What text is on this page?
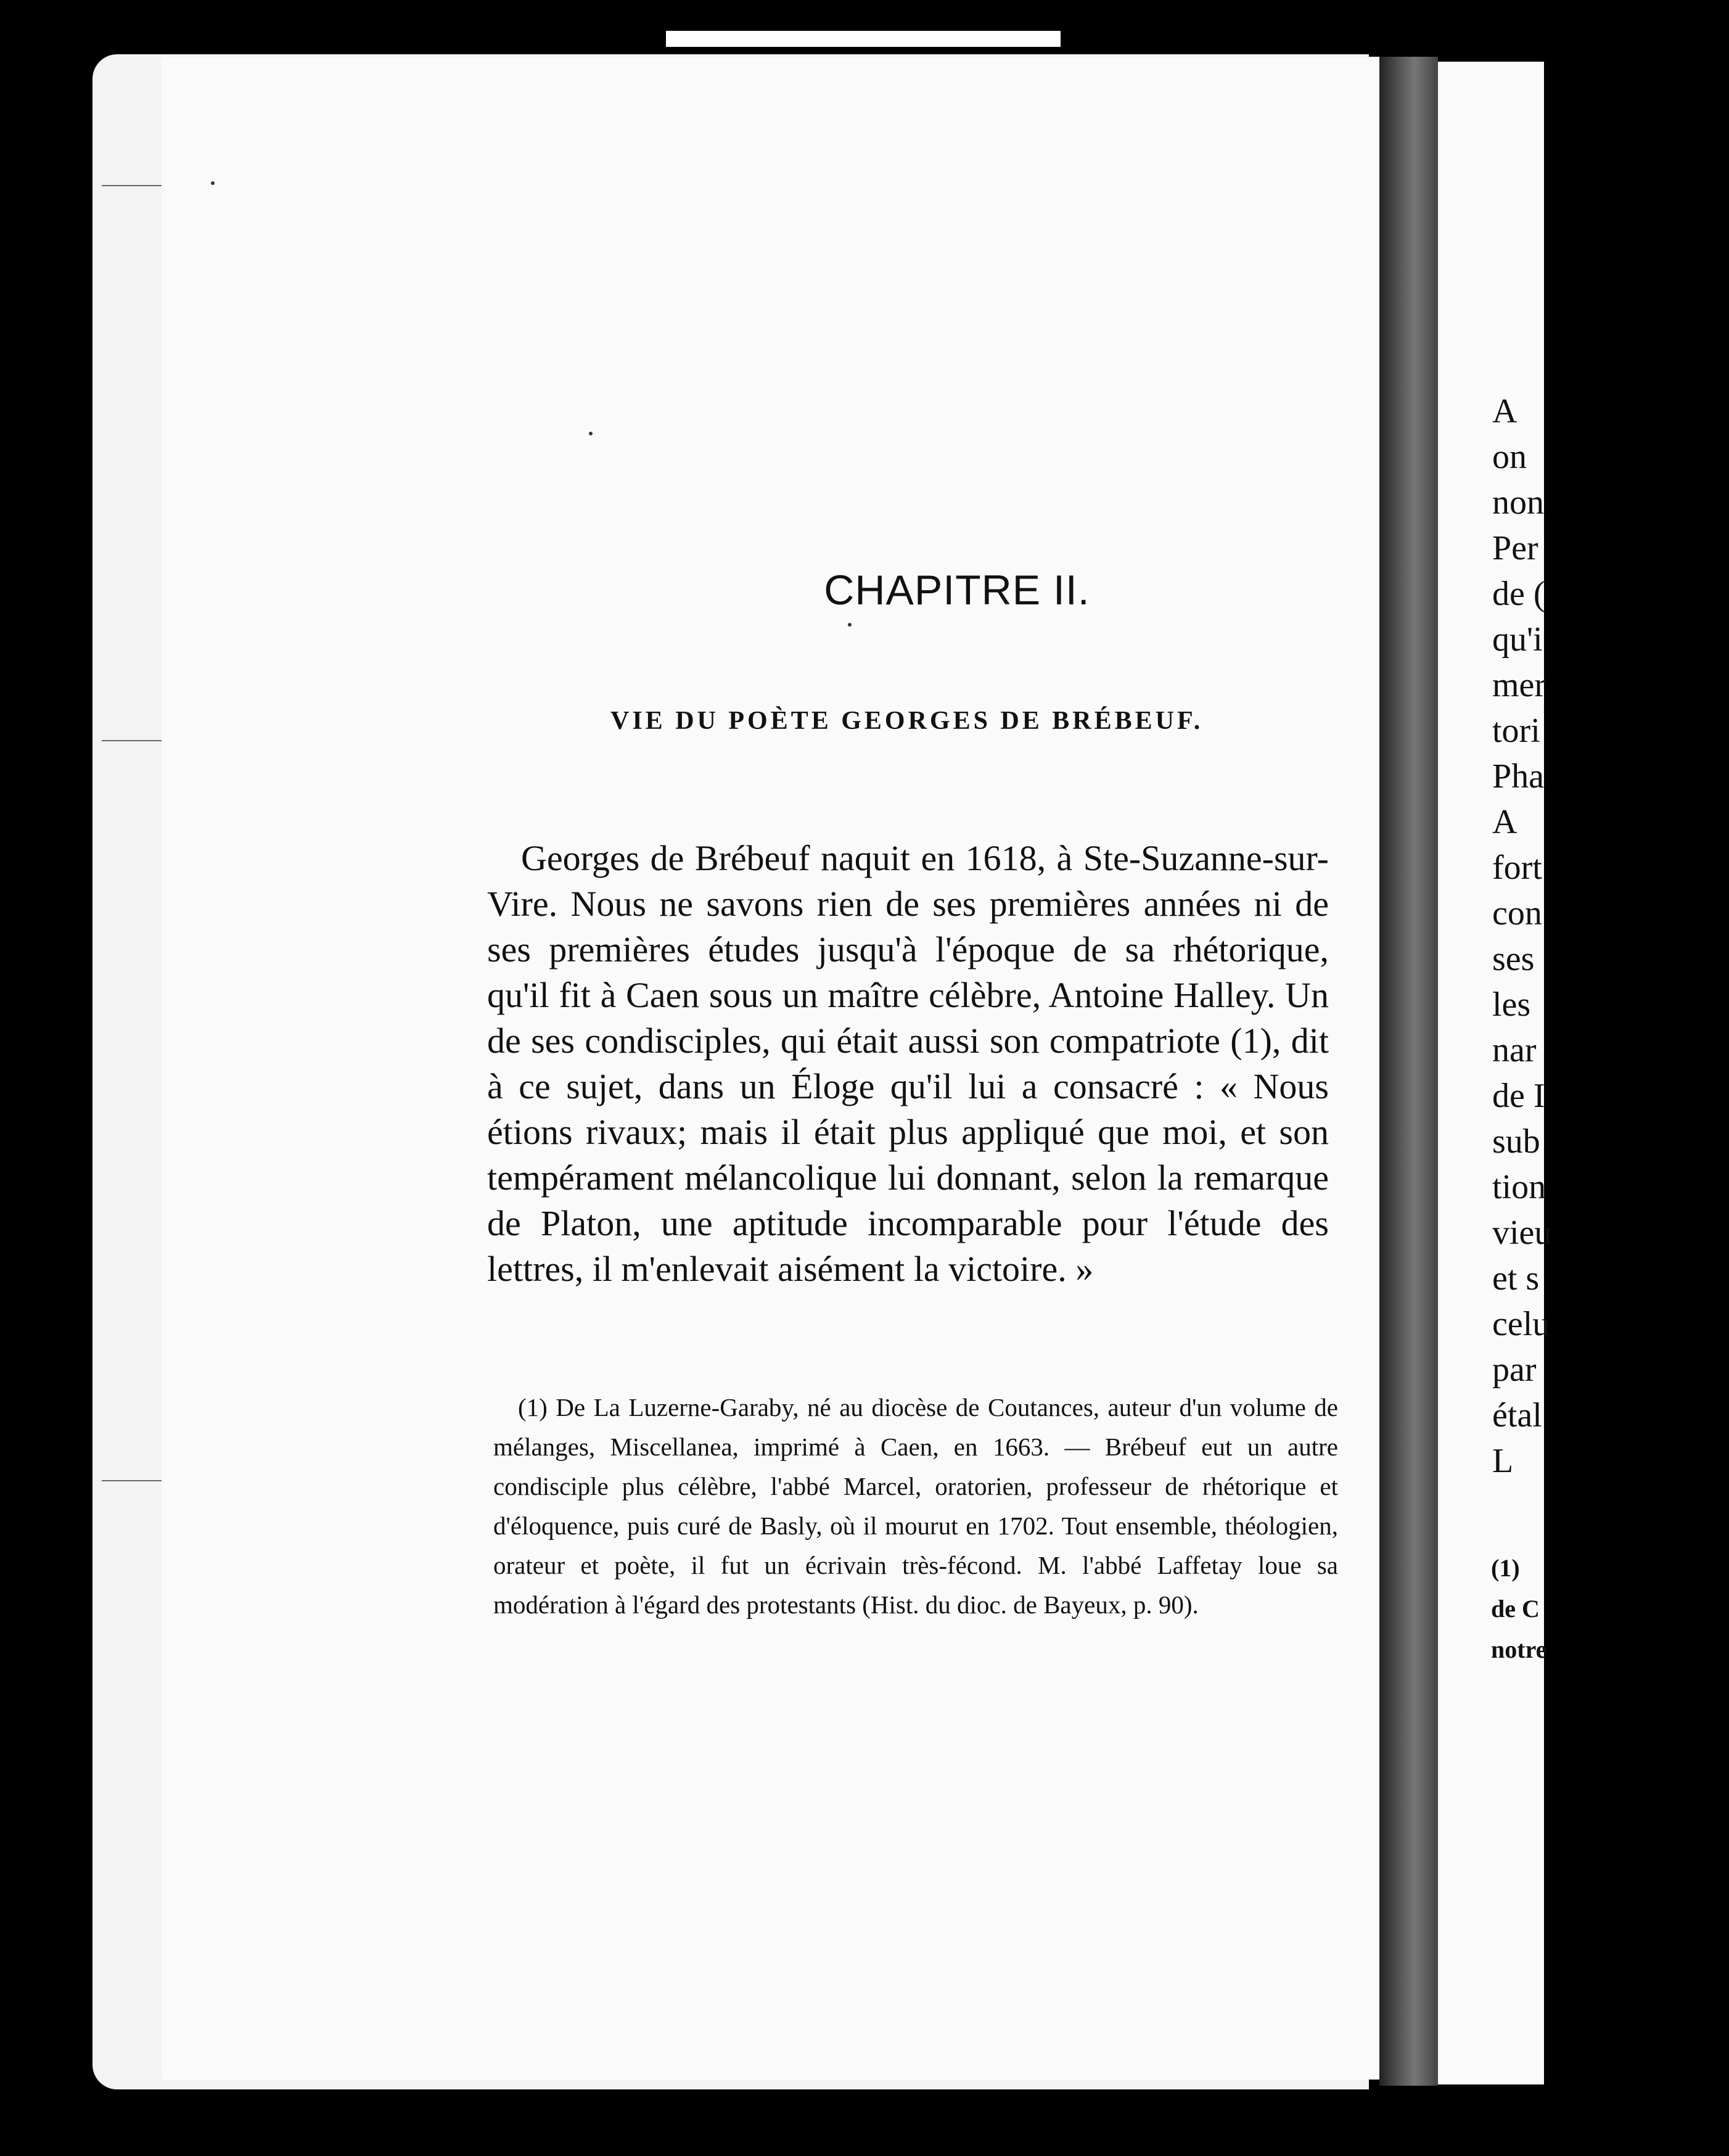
CHAPITRE II.
VIE DU POÈTE GEORGES DE BRÉBEUF.

Georges de Brébeuf naquit en 1618, à Ste-Suzanne-sur-Vire. Nous ne savons rien de ses premières années ni de ses premières études jusqu'à l'époque de sa rhétorique, qu'il fit à Caen sous un maître célèbre, Antoine Halley. Un de ses condisciples, qui était aussi son compatriote (1), dit à ce sujet, dans un Éloge qu'il lui a consacré : « Nous étions rivaux; mais il était plus appliqué que moi, et son tempérament mélancolique lui donnant, selon la remarque de Platon, une aptitude incomparable pour l'étude des lettres, il m'enlevait aisément la victoire. »

(1) De La Luzerne-Garaby, né au diocèse de Coutances, auteur d'un volume de mélanges, Miscellanea, imprimé à Caen, en 1663. — Brébeuf eut un autre condisciple plus célèbre, l'abbé Marcel, oratorien, professeur de rhétorique et d'éloquence, puis curé de Basly, où il mourut en 1702. Tout ensemble, théologien, orateur et poète, il fut un écrivain très-fécond. M. l'abbé Laffetay loue sa modération à l'égard des protestants (Hist. du dioc. de Bayeux, p. 90).

A
on
non
Per
de (
qu'i
mer
tori
Pha
A
fort
con
ses
les
nar
de I
sub
tion
vieu
et s
celu
par
étal
L
(1)
de C
notre
